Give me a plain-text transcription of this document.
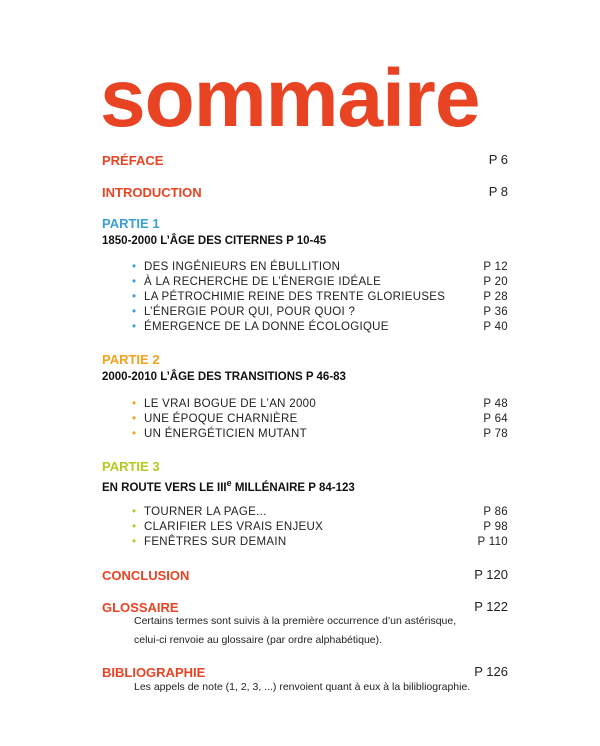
sommaire
PRÉFACE	P 6
INTRODUCTION	P 8
PARTIE 1
1850-2000 L’ÂGE DES CITERNES P 10-45
• DES INGÉNIEURS EN ÉBULLITION	P 12
• À LA RECHERCHE DE L’ÉNERGIE IDÉALE	P 20
• LA PÉTROCHIMIE REINE DES TRENTE GLORIEUSES	P 28
• L’ÉNERGIE POUR QUI, POUR QUOI ?	P 36
• ÉMERGENCE DE LA DONNE ÉCOLOGIQUE	P 40
PARTIE 2
2000-2010 L’ÂGE DES TRANSITIONS P 46-83
• LE VRAI BOGUE DE L’AN 2000	P 48
• UNE ÉPOQUE CHARNIÈRE	P 64
• UN ÉNERGÉTICIEN MUTANT	P 78
PARTIE 3
EN ROUTE VERS LE IIIe MILLÉNAIRE P 84-123
• TOURNER LA PAGE...	P 86
• CLARIFIER LES VRAIS ENJEUX	P 98
• FENÊTRES SUR DEMAIN	P 110
CONCLUSION	P 120
GLOSSAIRE	P 122
Certains termes sont suivis à la première occurrence d’un astérisque,
celui-ci renvoie au glossaire (par ordre alphabétique).
BIBLIOGRAPHIE	P 126
Les appels de note (1, 2, 3, ...) renvoient quant à eux à la bilibliographie.
